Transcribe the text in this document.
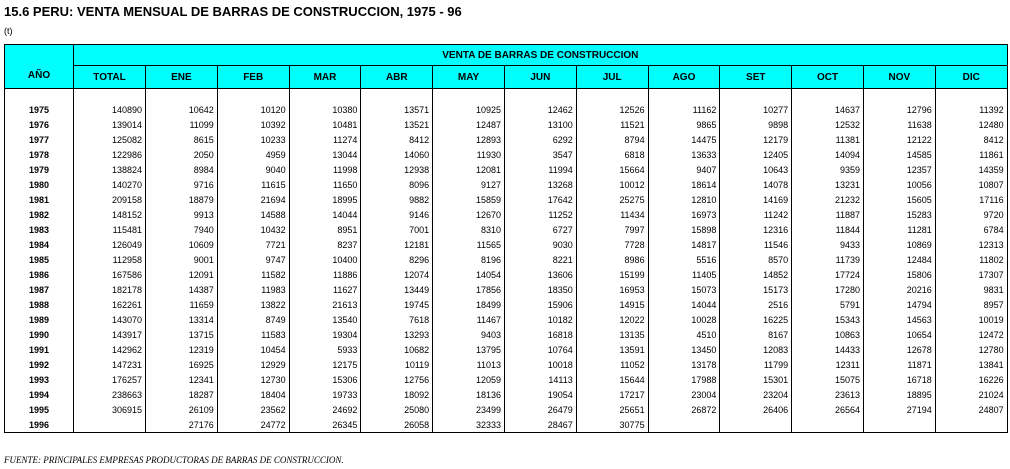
15.6 PERU: VENTA MENSUAL DE BARRAS DE CONSTRUCCION, 1975 - 96
(t)
AÑO	VENTA DE BARRAS DE CONSTRUCCION												
	TOTAL	ENE	FEB	MAR	ABR	MAY	JUN	JUL	AGO	SET	OCT	NOV	DIC

1975	140890	10642	10120	10380	13571	10925	12462	12526	11162	10277	14637	12796	11392
1976	139014	11099	10392	10481	13521	12487	13100	11521	9865	9898	12532	11638	12480
1977	125082	8615	10233	11274	8412	12893	6292	8794	14475	12179	11381	12122	8412
1978	122986	2050	4959	13044	14060	11930	3547	6818	13633	12405	14094	14585	11861
1979	138824	8984	9040	11998	12938	12081	11994	15664	9407	10643	9359	12357	14359
1980	140270	9716	11615	11650	8096	9127	13268	10012	18614	14078	13231	10056	10807
1981	209158	18879	21694	18995	9882	15859	17642	25275	12810	14169	21232	15605	17116
1982	148152	9913	14588	14044	9146	12670	11252	11434	16973	11242	11887	15283	9720
1983	115481	7940	10432	8951	7001	8310	6727	7997	15898	12316	11844	11281	6784
1984	126049	10609	7721	8237	12181	11565	9030	7728	14817	11546	9433	10869	12313
1985	112958	9001	9747	10400	8296	8196	8221	8986	5516	8570	11739	12484	11802
1986	167586	12091	11582	11886	12074	14054	13606	15199	11405	14852	17724	15806	17307
1987	182178	14387	11983	11627	13449	17856	18350	16953	15073	15173	17280	20216	9831
1988	162261	11659	13822	21613	19745	18499	15906	14915	14044	2516	5791	14794	8957
1989	143070	13314	8749	13540	7618	11467	10182	12022	10028	16225	15343	14563	10019
1990	143917	13715	11583	19304	13293	9403	16818	13135	4510	8167	10863	10654	12472
1991	142962	12319	10454	5933	10682	13795	10764	13591	13450	12083	14433	12678	12780
1992	147231	16925	12929	12175	10119	11013	10018	11052	13178	11799	12311	11871	13841
1993	176257	12341	12730	15306	12756	12059	14113	15644	17988	15301	15075	16718	16226
1994	238663	18287	18404	19733	18092	18136	19054	17217	23004	23204	23613	18895	21024
1995	306915	26109	23562	24692	25080	23499	26479	25651	26872	26406	26564	27194	24807
1996		27176	24772	26345	26058	32333	28467	30775					
FUENTE: PRINCIPALES EMPRESAS PRODUCTORAS DE BARRAS DE CONSTRUCCION.
